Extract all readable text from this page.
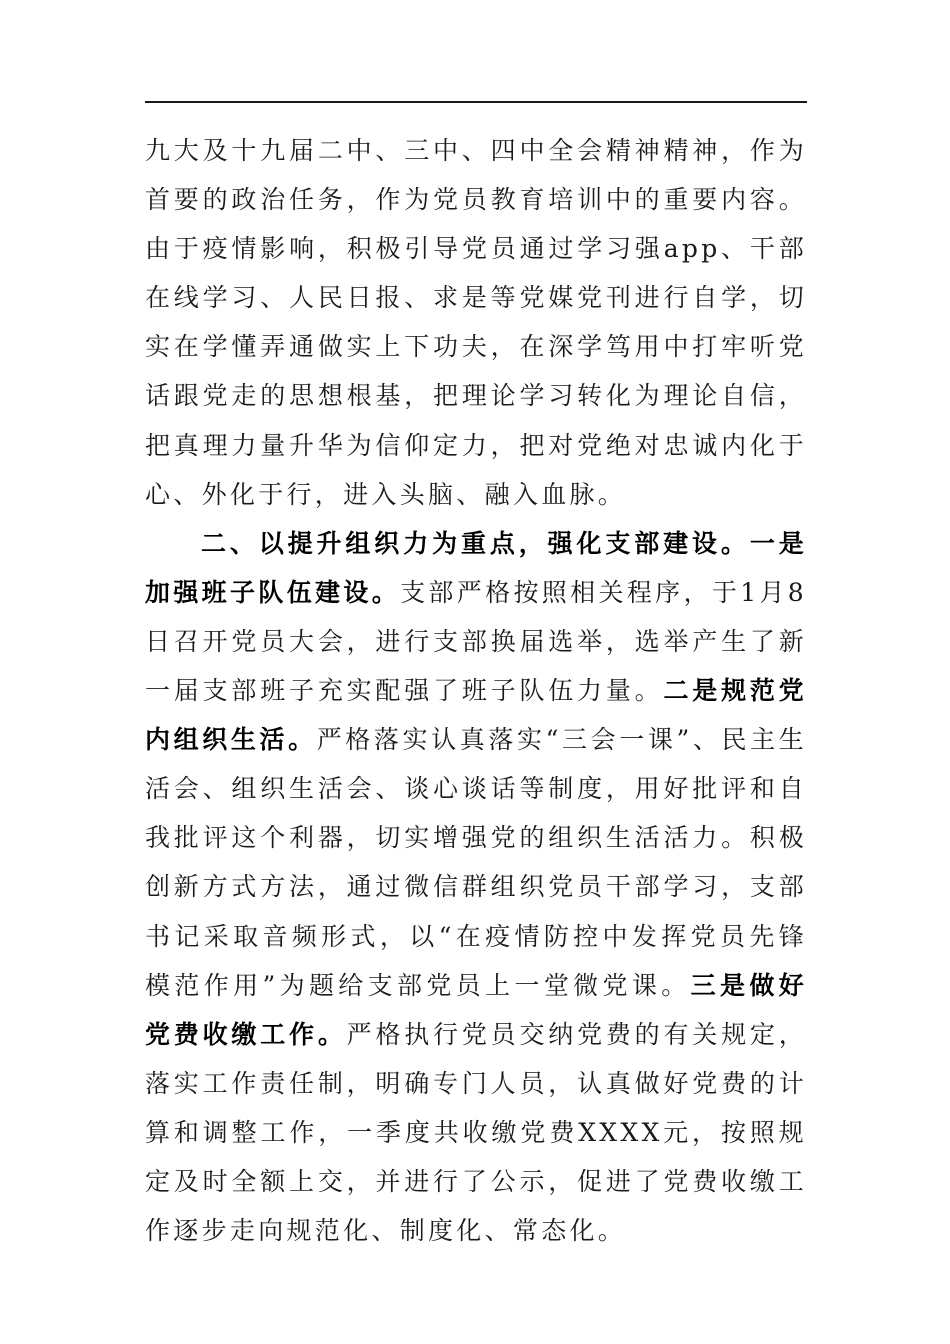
九大及十九届二中、三中、四中全会精神精神，作为首要的政治任务，作为党员教育培训中的重要内容。由于疫情影响，积极引导党员通过学习强app、干部在线学习、人民日报、求是等党媒党刊进行自学，切实在学懂弄通做实上下功夫，在深学笃用中打牢听党话跟党走的思想根基，把理论学习转化为理论自信，把真理力量升华为信仰定力，把对党绝对忠诚内化于心、外化于行，进入头脑、融入血脉。

二、以提升组织力为重点，强化支部建设。一是加强班子队伍建设。支部严格按照相关程序，于1月8日召开党员大会，进行支部换届选举，选举产生了新一届支部班子充实配强了班子队伍力量。二是规范党内组织生活。严格落实认真落实“三会一课”、民主生活会、组织生活会、谈心谈话等制度，用好批评和自我批评这个利器，切实增强党的组织生活活力。积极创新方式方法，通过微信群组织党员干部学习，支部书记采取音频形式，以“在疫情防控中发挥党员先锋模范作用”为题给支部党员上一堂微党课。三是做好党费收缴工作。严格执行党员交纳党费的有关规定，落实工作责任制，明确专门人员，认真做好党费的计算和调整工作，一季度共收缴党费XXXX元，按照规定及时全额上交，并进行了公示，促进了党费收缴工作逐步走向规范化、制度化、常态化。
